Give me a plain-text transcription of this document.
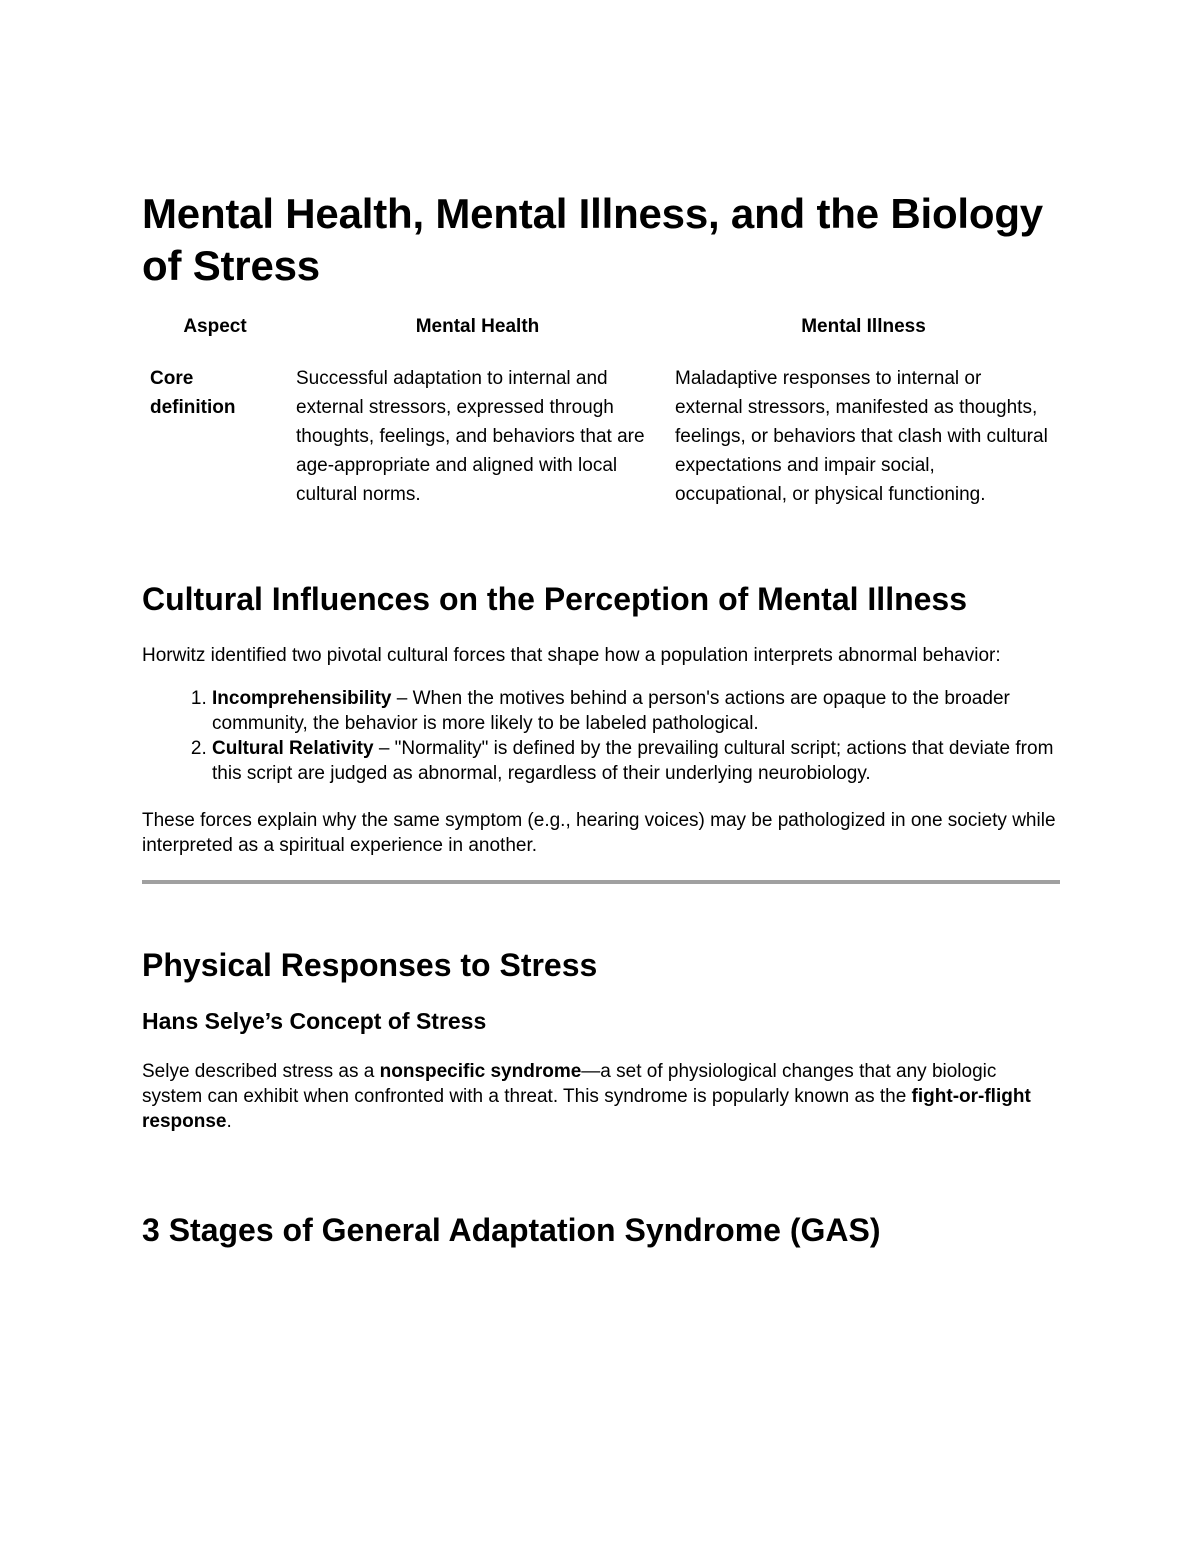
Mental Health, Mental Illness, and the Biology of Stress
Aspect	Mental Health	Mental Illness
Core definition	Successful adaptation to internal and external stressors, expressed through thoughts, feelings, and behaviors that are age-appropriate and aligned with local cultural norms.	Maladaptive responses to internal or external stressors, manifested as thoughts, feelings, or behaviors that clash with cultural expectations and impair social, occupational, or physical functioning.
Cultural Influences on the Perception of Mental Illness

Horwitz identified two pivotal cultural forces that shape how a population interprets abnormal behavior:

1. Incomprehensibility – When the motives behind a person's actions are opaque to the broader community, the behavior is more likely to be labeled pathological.
2. Cultural Relativity – "Normality" is defined by the prevailing cultural script; actions that deviate from this script are judged as abnormal, regardless of their underlying neurobiology.

These forces explain why the same symptom (e.g., hearing voices) may be pathologized in one society while interpreted as a spiritual experience in another.

Physical Responses to Stress
Hans Selye’s Concept of Stress

Selye described stress as a nonspecific syndrome—a set of physiological changes that any biologic system can exhibit when confronted with a threat. This syndrome is popularly known as the fight-or-flight response.

3 Stages of General Adaptation Syndrome (GAS)
